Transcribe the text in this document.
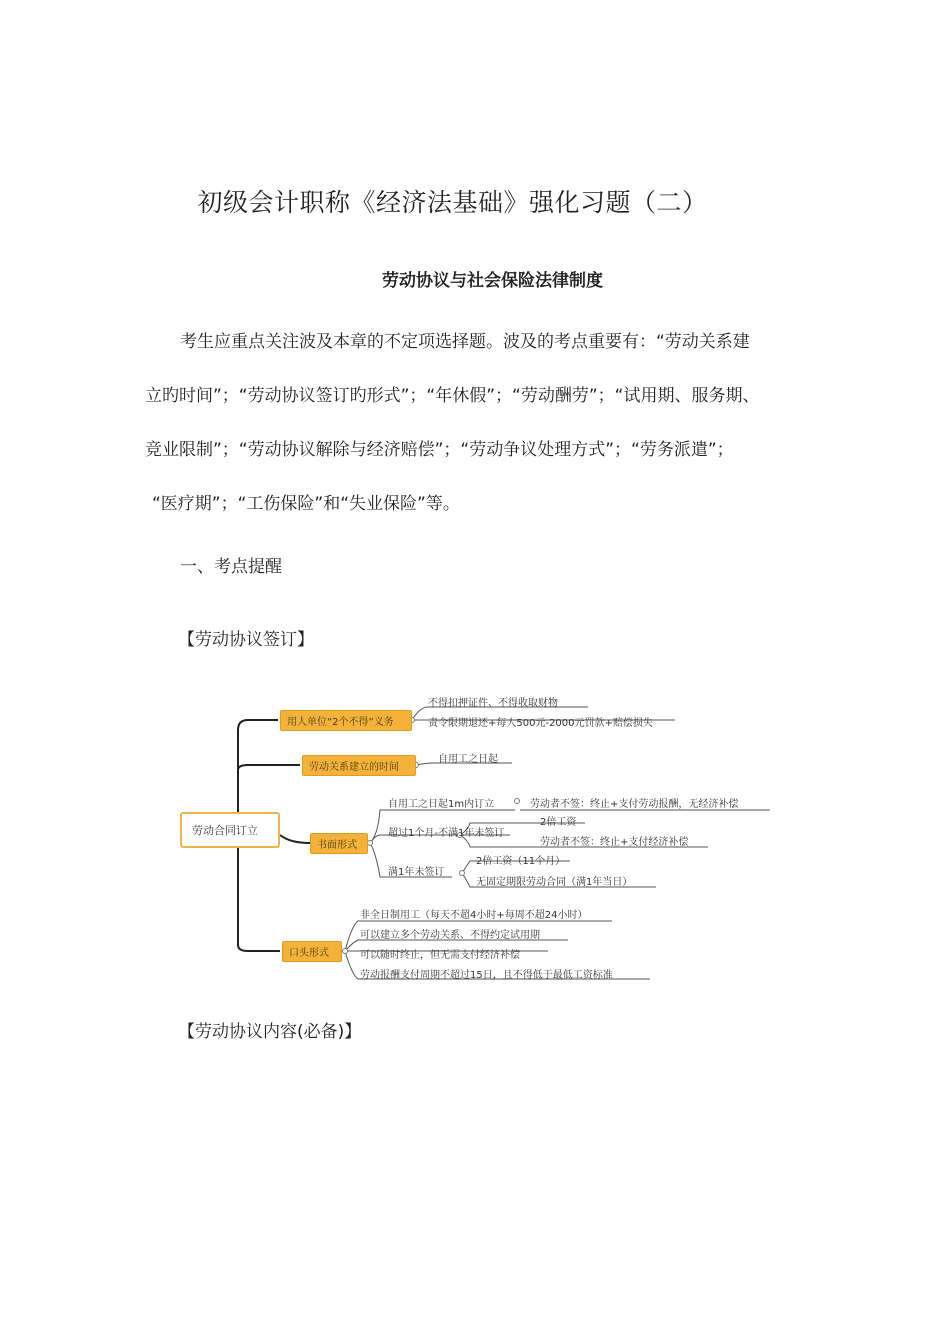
初级会计职称《经济法基础》强化习题（二）
劳动协议与社会保险法律制度
考生应重点关注波及本章的不定项选择题。波及的考点重要有：“劳动关系建
立旳时间”；“劳动协议签订旳形式”；“年休假”；“劳动酬劳”；“试用期、服务期、
竞业限制”；“劳动协议解除与经济赔偿”；“劳动争议处理方式”；“劳务派遣”；
“医疗期”；“工伤保险”和“失业保险”等。
一、考点提醒
【劳动协议签订】
劳动合同订立
用人单位“2个不得”义务
不得扣押证件、不得收取财物
责令限期退还+每人500元-2000元罚款+赔偿损失
劳动关系建立的时间
自用工之日起
书面形式
自用工之日起1m内订立	劳动者不签：终止+支付劳动报酬，无经济补偿
超过1个月-不满1年未签订
2倍工资
劳动者不签：终止+支付经济补偿
满1年未签订
2倍工资（11个月）
无固定期限劳动合同（满1年当日）
口头形式
非全日制用工（每天不超4小时+每周不超24小时）
可以建立多个劳动关系、不得约定试用期
可以随时终止，但无需支付经济补偿
劳动报酬支付周期不超过15日，且不得低于最低工资标准
【劳动协议内容(必备)】
